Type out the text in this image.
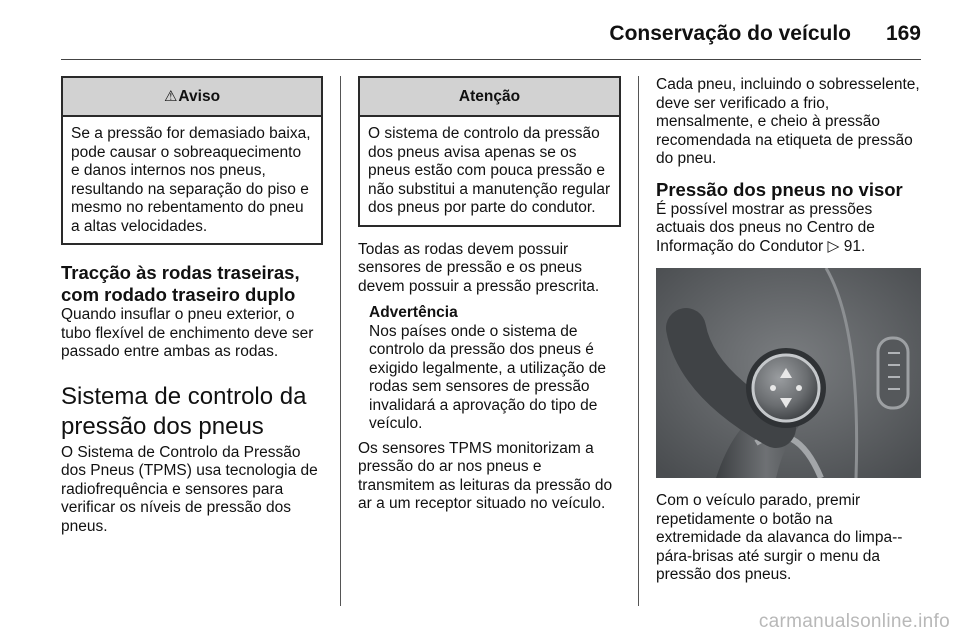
Conservação do veículo 169
⚠Aviso
Se a pressão for demasiado baixa, pode causar o sobreaquecimento e danos internos nos pneus, resultando na separação do piso e mesmo no rebentamento do pneu a altas velocidades.
Tracção às rodas traseiras, com rodado traseiro duplo

Quando insuflar o pneu exterior, o tubo flexível de enchimento deve ser passado entre ambas as rodas.

Sistema de controlo da pressão dos pneus

O Sistema de Controlo da Pressão dos Pneus (TPMS) usa tecnologia de radiofrequência e sensores para verificar os níveis de pressão dos pneus.

Atenção
O sistema de controlo da pressão dos pneus avisa apenas se os pneus estão com pouca pressão e não substitui a manutenção regular dos pneus por parte do condutor.

Todas as rodas devem possuir sensores de pressão e os pneus devem possuir a pressão prescrita.

Advertência

Nos países onde o sistema de controlo da pressão dos pneus é exigido legalmente, a utilização de rodas sem sensores de pressão invalidará a aprovação do tipo de veículo.

Os sensores TPMS monitorizam a pressão do ar nos pneus e transmitem as leituras da pressão do ar a um receptor situado no veículo.

Cada pneu, incluindo o sobresselente, deve ser verificado a frio, mensalmente, e cheio à pressão recomendada na etiqueta de pressão do pneu.

Pressão dos pneus no visor

É possível mostrar as pressões actuais dos pneus no Centro de Informação do Condutor ▷ 91.

Com o veículo parado, premir repetidamente o botão na extremidade da alavanca do limpa--pára-brisas até surgir o menu da pressão dos pneus.

carmanualsonline.info
